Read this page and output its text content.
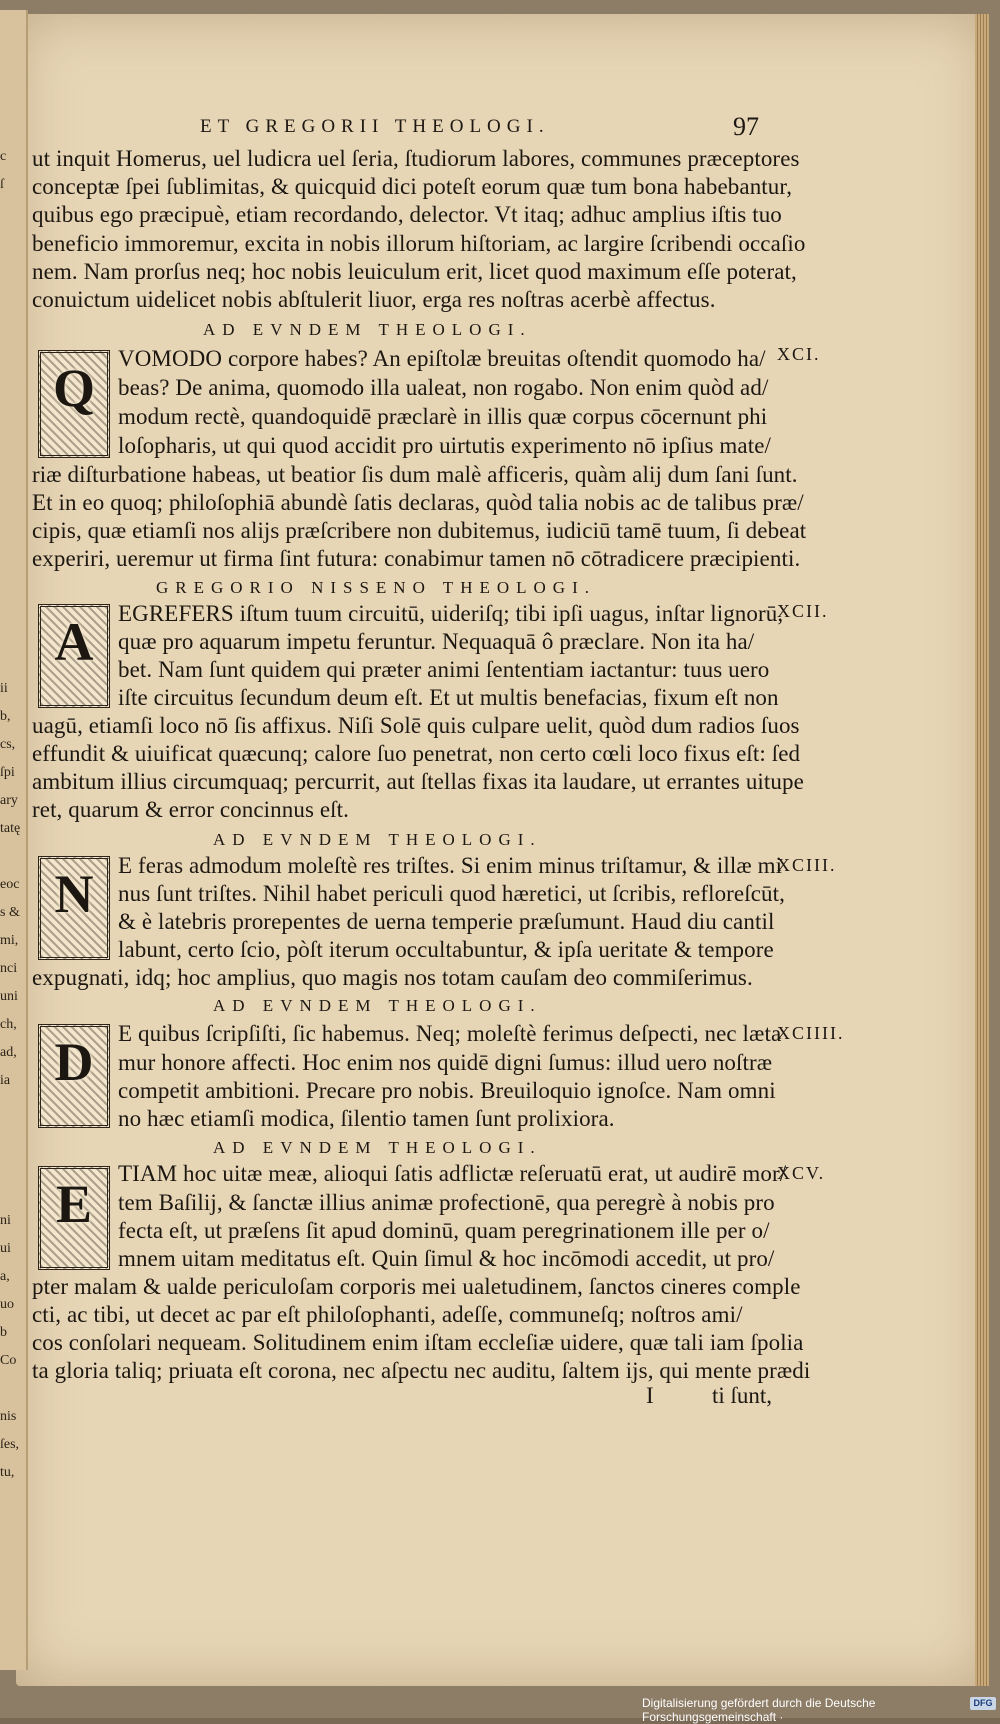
c
ſ
ii
b,
cs,
ſpi
ary
tatę
eoc
s &
mi,
nci
uni
ch,
ad,
ia
ni
ui
a,
uo
b
Co
nis
ſes,
tu,
ET GREGORII THEOLOGI.	97
ut inquit Homerus, uel ludicra uel ſeria, ſtudiorum labores, communes præceptores
conceptæ ſpei ſublimitas, & quicquid dici poteſt eorum quæ tum bona habebantur,
quibus ego præcipuè, etiam recordando, delector. Vt itaq; adhuc amplius iſtis tuo
beneficio immoremur, excita in nobis illorum hiſtoriam, ac largire ſcribendi occaſio
nem. Nam prorſus neq; hoc nobis leuiculum erit, licet quod maximum eſſe poterat,
conuictum uidelicet nobis abſtulerit liuor, erga res noſtras acerbè affectus.
AD EVNDEM THEOLOGI.
XCI.
Q	VOMODO corpore habes? An epiſtolæ breuitas oſtendit quomodo ha/
beas? De anima, quomodo illa ualeat, non rogabo. Non enim quòd ad/
modum rectè, quandoquidē præclarè in illis quæ corpus cōcernunt phi
loſopharis, ut qui quod accidit pro uirtutis experimento nō ipſius mate/
riæ diſturbatione habeas, ut beatior ſis dum malè afficeris, quàm alij dum ſani ſunt.
Et in eo quoq; philoſophiā abundè ſatis declaras, quòd talia nobis ac de talibus præ/
cipis, quæ etiamſi nos alijs præſcribere non dubitemus, iudiciū tamē tuum, ſi debeat
experiri, ueremur ut firma ſint futura: conabimur tamen nō cōtradicere præcipienti.
GREGORIO NISSENO THEOLOGI.
XCII.
A	EGREFERS iſtum tuum circuitū, uideriſq; tibi ipſi uagus, inſtar lignorū,
quæ pro aquarum impetu feruntur. Nequaquā ô præclare. Non ita ha/
bet. Nam ſunt quidem qui præter animi ſententiam iactantur: tuus uero
iſte circuitus ſecundum deum eſt. Et ut multis benefacias, fixum eſt non
uagū, etiamſi loco nō ſis affixus. Niſi Solē quis culpare uelit, quòd dum radios ſuos
effundit & uiuificat quæcunq; calore ſuo penetrat, non certo cœli loco fixus eſt: ſed
ambitum illius circumquaq; percurrit, aut ſtellas fixas ita laudare, ut errantes uitupe
ret, quarum & error concinnus eſt.
AD EVNDEM THEOLOGI.
XCIII.
N	E feras admodum moleſtè res triſtes. Si enim minus triſtamur, & illæ mi
nus ſunt triſtes. Nihil habet periculi quod hæretici, ut ſcribis, refloreſcūt,
& è latebris prorepentes de uerna temperie præſumunt. Haud diu cantil
labunt, certo ſcio, pòſt iterum occultabuntur, & ipſa ueritate & tempore
expugnati, idq; hoc amplius, quo magis nos totam cauſam deo commiſerimus.
AD EVNDEM THEOLOGI.
XCIIII.
D	E quibus ſcripſiſti, ſic habemus. Neq; moleſtè ferimus deſpecti, nec læta
mur honore affecti. Hoc enim nos quidē digni ſumus: illud uero noſtræ
competit ambitioni. Precare pro nobis. Breuiloquio ignoſce. Nam omni
no hæc etiamſi modica, ſilentio tamen ſunt prolixiora.
AD EVNDEM THEOLOGI.
XCV.
E
TIAM hoc uitæ meæ, alioqui ſatis adflictæ reſeruatū erat, ut audirē mor/
tem Baſilij, & ſanctæ illius animæ profectionē, qua peregrè à nobis pro
fecta eſt, ut præſens ſit apud dominū, quam peregrinationem ille per o/
mnem uitam meditatus eſt. Quin ſimul & hoc incōmodi accedit, ut pro/
pter malam & ualde periculoſam corporis mei ualetudinem, ſanctos cineres comple
cti, ac tibi, ut decet ac par eſt philoſophanti, adeſſe, communeſq; noſtros ami/
cos conſolari nequeam. Solitudinem enim iſtam eccleſiæ uidere, quæ tali iam ſpolia
ta gloria taliq; priuata eſt corona, nec aſpectu nec auditu, ſaltem ijs, qui mente prædi
I	ti ſunt,
Digitalisierung gefördert durch die Deutsche Forschungsgemeinschaft ·
DFG
